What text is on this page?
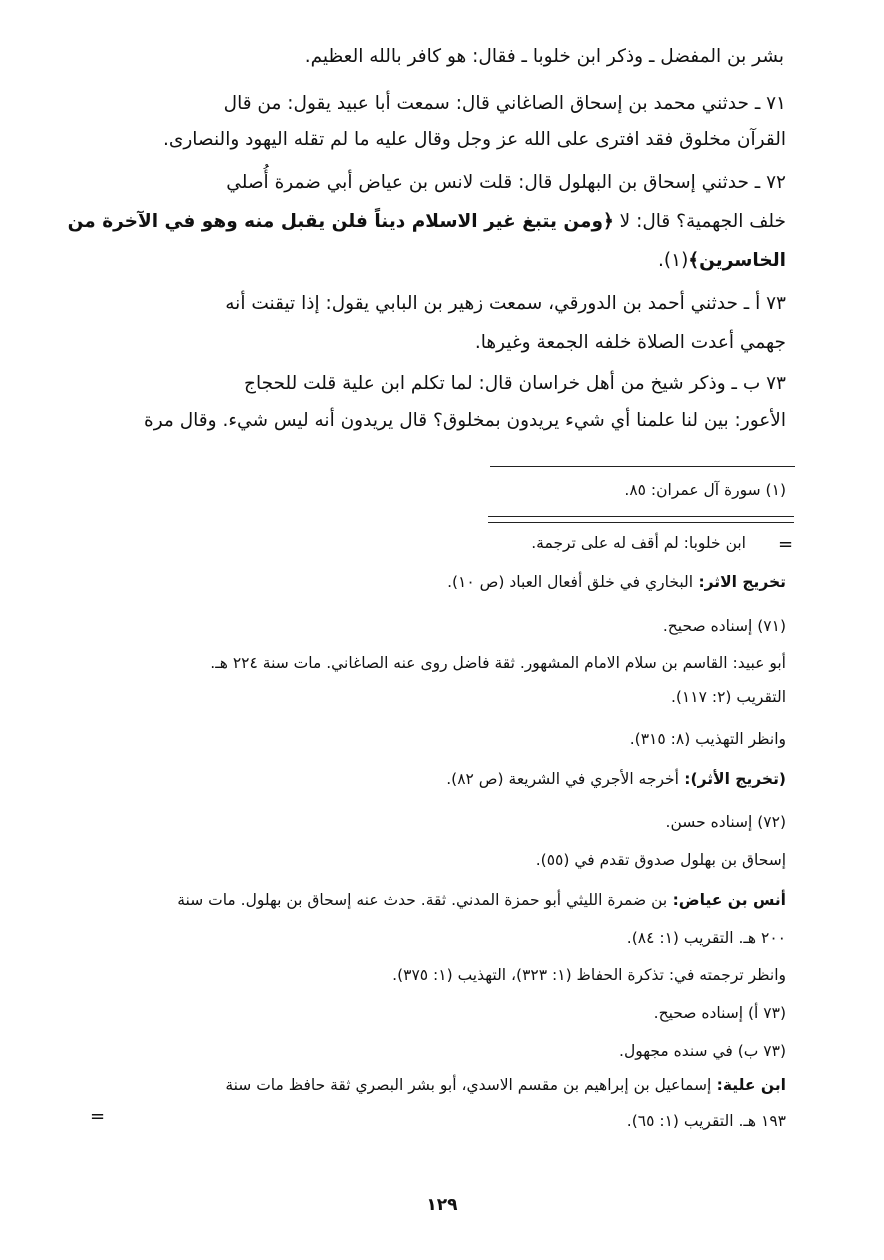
بشر بن المفضل ـ وذكر ابن خلوبا ـ فقال: هو كافر بالله العظيم.

٧١ ـ حدثني محمد بن إسحاق الصاغاني قال: سمعت أبا عبيد يقول: من قال

القرآن مخلوق فقد افترى على الله عز وجل وقال عليه ما لم تقله اليهود والنصارى.

٧٢ ـ حدثني إسحاق بن البهلول قال: قلت لانس بن عياض أبي ضمرة أُصلي

خلف الجهمية؟ قال: لا ﴿ومن يتبغ غير الاسلام ديناً فلن يقبل منه وهو في الآخرة من

الخاسرين﴾(١).

٧٣ أ ـ حدثني أحمد بن الدورقي، سمعت زهير بن البابي يقول: إذا تيقنت أنه

جهمي أعدت الصلاة خلفه الجمعة وغيرها.

٧٣ ب ـ وذكر شيخ من أهل خراسان قال: لما تكلم ابن علية قلت للحجاج

الأعور: بين لنا علمنا أي شيء يريدون بمخلوق؟ قال يريدون أنه ليس شيء. وقال مرة

(١) سورة آل عمران: ٨٥.

=

ابن خلوبا: لم أقف له على ترجمة.

تخريج الاثر: البخاري في خلق أفعال العباد (ص ١٠).

(٧١) إسناده صحيح.

أبو عبيد: القاسم بن سلام الامام المشهور. ثقة فاضل روى عنه الصاغاني. مات سنة ٢٢٤ هـ.

التقريب (٢: ١١٧).

وانظر التهذيب (٨: ٣١٥).

(تخريج الأثر): أخرجه الأجري في الشريعة (ص ٨٢).

(٧٢) إسناده حسن.

إسحاق بن بهلول صدوق تقدم في (٥٥).

أنس بن عياض: بن ضمرة الليثي أبو حمزة المدني. ثقة. حدث عنه إسحاق بن بهلول. مات سنة

٢٠٠ هـ. التقريب (١: ٨٤).

وانظر ترجمته في: تذكرة الحفاظ (١: ٣٢٣)، التهذيب (١: ٣٧٥).

(٧٣ أ) إسناده صحيح.

(٧٣ ب) في سنده مجهول.

ابن علية: إسماعيل بن إبراهيم بن مقسم الاسدي، أبو بشر البصري ثقة حافظ مات سنة

١٩٣ هـ. التقريب (١: ٦٥).

=
١٢٩
